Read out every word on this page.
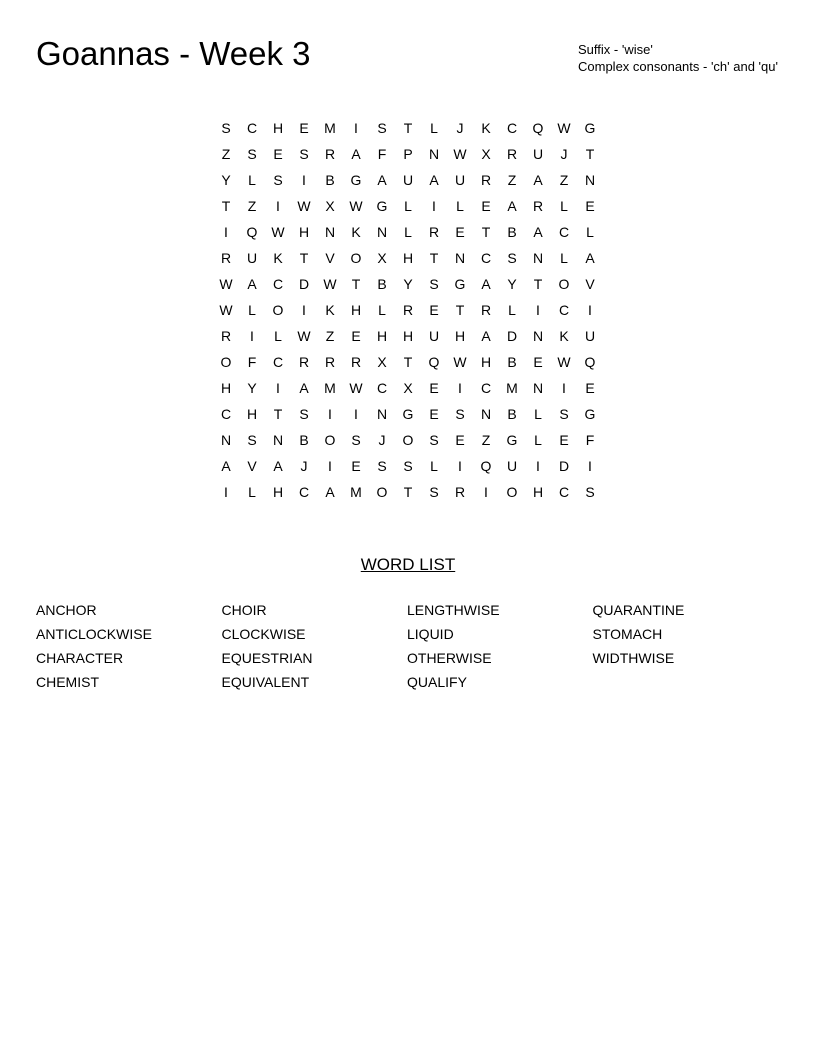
Goannas - Week 3	Suffix - 'wise'
Complex consonants - 'ch' and 'qu'
S	C	H	E	M	I	S	T	L	J	K	C	Q W G
Z	S	E	S	R	A	F	P	N	W	X	R	U	J	T
Y	L	S	I	B	G	A	U	A	U	R	Z	A	Z	N
T	Z	I	W	X	W G	L	I	L	E	A	R	L	E
I	Q W	H	N	K	N	L	R	E	T	B	A	C	L
R	U	K	T	V	O	X	H	T	N	C	S	N	L	A
W	A	C	D	W	T	B	Y	S	G	A	Y	T	O	V
W	L	O	I	K	H	L	R	E	T	R	L	I	C	I
R	I	L	W	Z	E	H	H	U	H	A	D	N	K	U
O	F	C	R	R	R	X	T	Q W	H	B	E	W Q
H	Y	I	A	M W	C	X	E	I	C	M	N	I	E
C	H	T	S	I	I	N	G	E	S	N	B	L	S	G
N	S	N	B	O	S	J	O	S	E	Z	G	L	E	F
A	V	A	J	I	E	S	S	L	I	Q	U	I	D	I
I	L	H	C	A	M	O	T	S	R	I	O	H	C	S
WORD LIST
ANCHOR
ANTICLOCKWISE
CHARACTER
CHEMIST
CHOIR
CLOCKWISE
EQUESTRIAN
EQUIVALENT
LENGTHWISE
LIQUID
OTHERWISE
QUALIFY
QUARANTINE
STOMACH
WIDTHWISE
